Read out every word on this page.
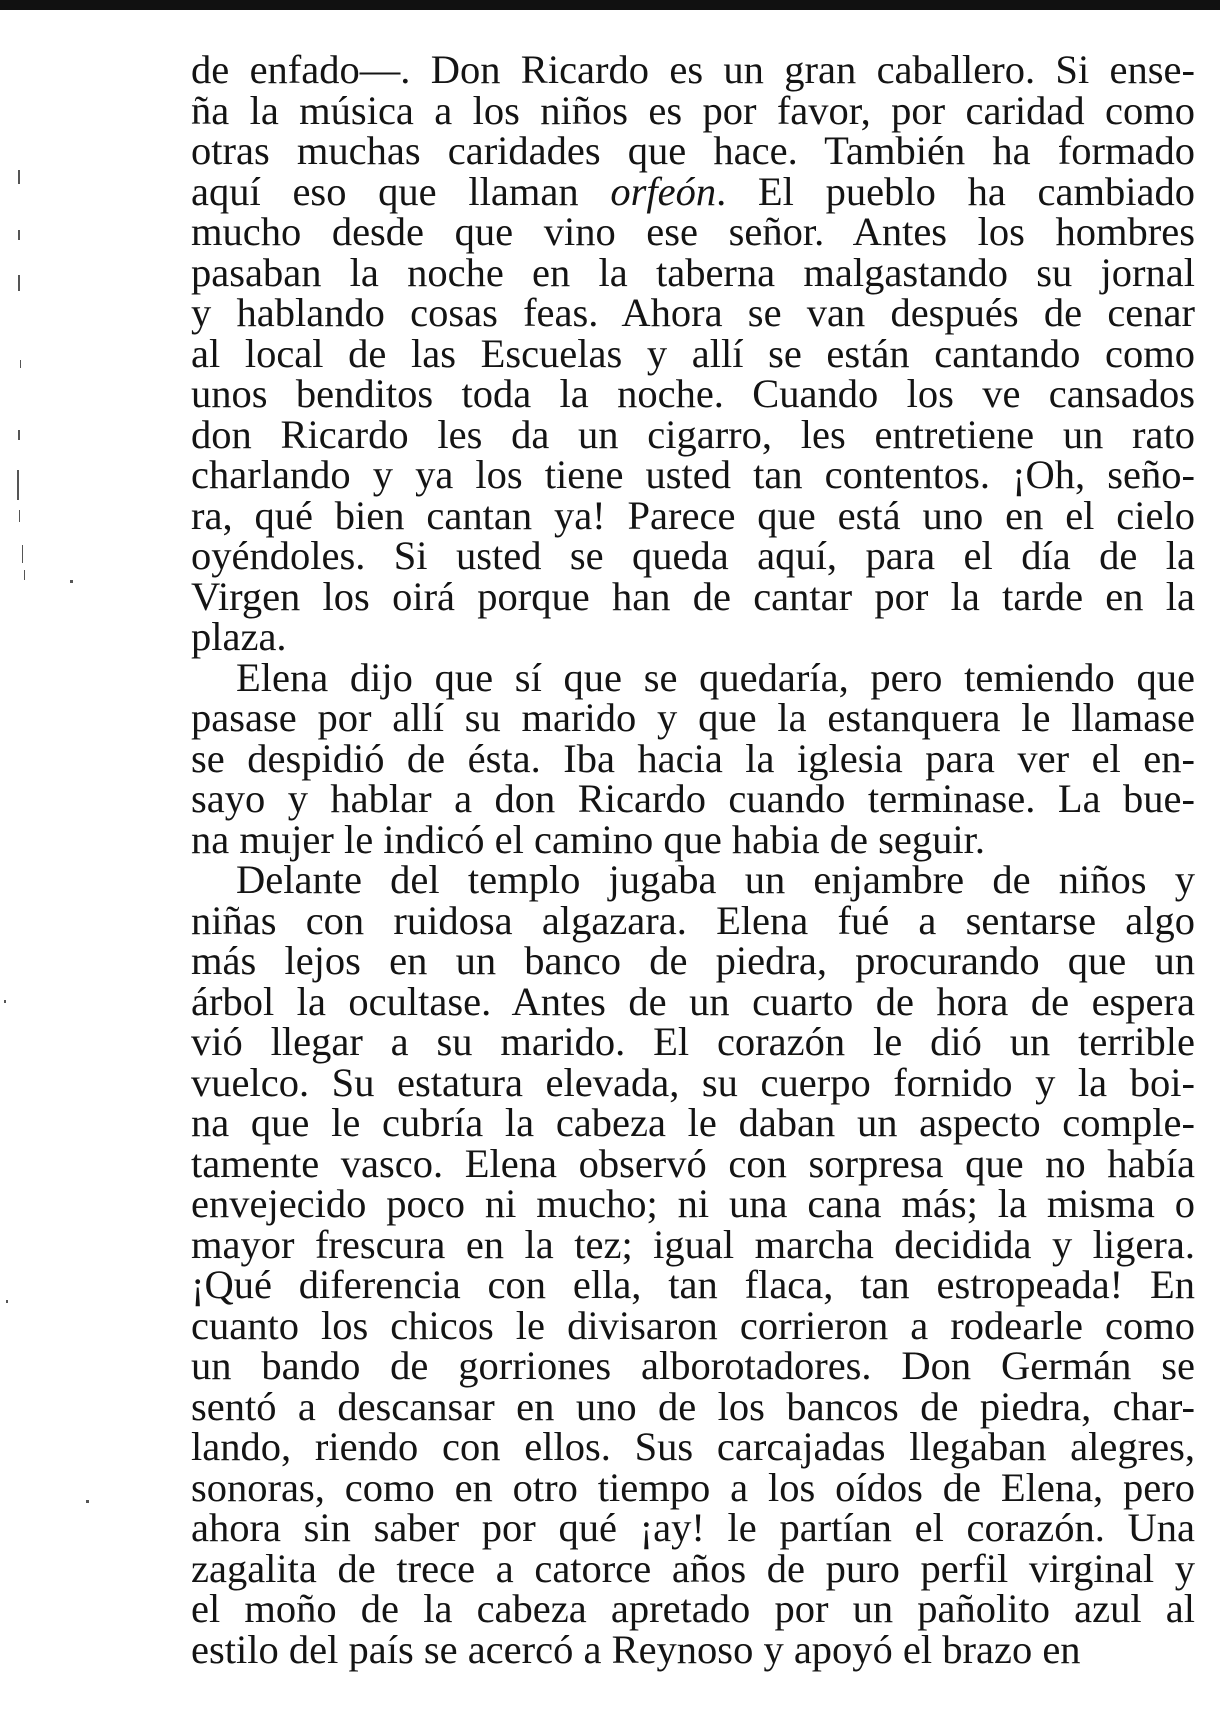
de enfado—. Don Ricardo es un gran caballero. Si ense-
ña la música a los niños es por favor, por caridad como
otras muchas caridades que hace. También ha formado
aquí eso que llaman orfeón. El pueblo ha cambiado
mucho desde que vino ese señor. Antes los hombres
pasaban la noche en la taberna malgastando su jornal
y hablando cosas feas. Ahora se van después de cenar
al local de las Escuelas y allí se están cantando como
unos benditos toda la noche. Cuando los ve cansados
don Ricardo les da un cigarro, les entretiene un rato
charlando y ya los tiene usted tan contentos. ¡Oh, seño-
ra, qué bien cantan ya! Parece que está uno en el cielo
oyéndoles. Si usted se queda aquí, para el día de la
Virgen los oirá porque han de cantar por la tarde en la
plaza.
Elena dijo que sí que se quedaría, pero temiendo que
pasase por allí su marido y que la estanquera le llamase
se despidió de ésta. Iba hacia la iglesia para ver el en-
sayo y hablar a don Ricardo cuando terminase. La bue-
na mujer le indicó el camino que habia de seguir.
Delante del templo jugaba un enjambre de niños y
niñas con ruidosa algazara. Elena fué a sentarse algo
más lejos en un banco de piedra, procurando que un
árbol la ocultase. Antes de un cuarto de hora de espera
vió llegar a su marido. El corazón le dió un terrible
vuelco. Su estatura elevada, su cuerpo fornido y la boi-
na que le cubría la cabeza le daban un aspecto comple-
tamente vasco. Elena observó con sorpresa que no había
envejecido poco ni mucho; ni una cana más; la misma o
mayor frescura en la tez; igual marcha decidida y ligera.
¡Qué diferencia con ella, tan flaca, tan estropeada! En
cuanto los chicos le divisaron corrieron a rodearle como
un bando de gorriones alborotadores. Don Germán se
sentó a descansar en uno de los bancos de piedra, char-
lando, riendo con ellos. Sus carcajadas llegaban alegres,
sonoras, como en otro tiempo a los oídos de Elena, pero
ahora sin saber por qué ¡ay! le partían el corazón. Una
zagalita de trece a catorce años de puro perfil virginal y
el moño de la cabeza apretado por un pañolito azul al
estilo del país se acercó a Reynoso y apoyó el brazo en
